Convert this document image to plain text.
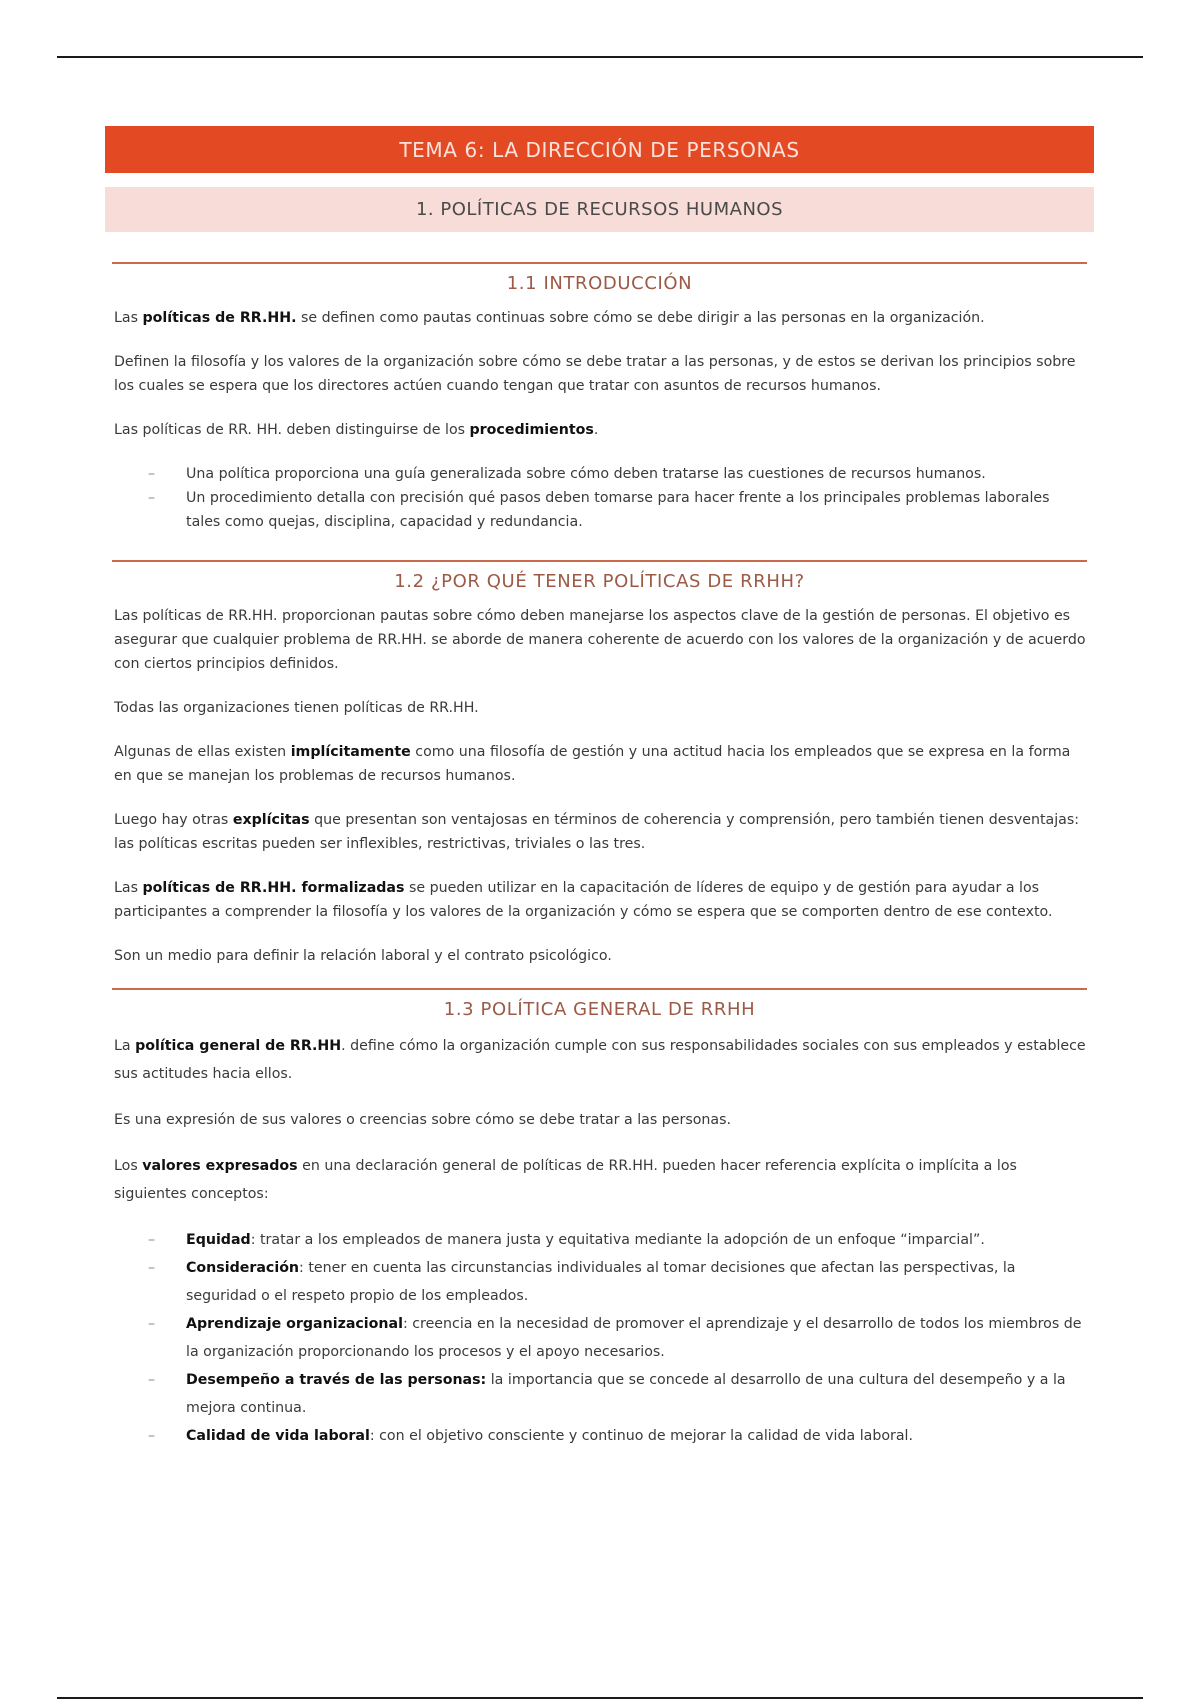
TEMA 6: LA DIRECCIÓN DE PERSONAS
1. POLÍTICAS DE RECURSOS HUMANOS
1.1 INTRODUCCIÓN

Las políticas de RR.HH. se definen como pautas continuas sobre cómo se debe dirigir a las personas en la organización.

Definen la filosofía y los valores de la organización sobre cómo se debe tratar a las personas, y de estos se derivan los principios sobre los cuales se espera que los directores actúen cuando tengan que tratar con asuntos de recursos humanos.

Las políticas de RR. HH. deben distinguirse de los procedimientos.

– Una política proporciona una guía generalizada sobre cómo deben tratarse las cuestiones de recursos humanos.
– Un procedimiento detalla con precisión qué pasos deben tomarse para hacer frente a los principales problemas laborales tales como quejas, disciplina, capacidad y redundancia.
1.2 ¿POR QUÉ TENER POLÍTICAS DE RRHH?

Las políticas de RR.HH. proporcionan pautas sobre cómo deben manejarse los aspectos clave de la gestión de personas. El objetivo es asegurar que cualquier problema de RR.HH. se aborde de manera coherente de acuerdo con los valores de la organización y de acuerdo con ciertos principios definidos.

Todas las organizaciones tienen políticas de RR.HH.

Algunas de ellas existen implícitamente como una filosofía de gestión y una actitud hacia los empleados que se expresa en la forma en que se manejan los problemas de recursos humanos.

Luego hay otras explícitas que presentan son ventajosas en términos de coherencia y comprensión, pero también tienen desventajas: las políticas escritas pueden ser inflexibles, restrictivas, triviales o las tres.

Las políticas de RR.HH. formalizadas se pueden utilizar en la capacitación de líderes de equipo y de gestión para ayudar a los participantes a comprender la filosofía y los valores de la organización y cómo se espera que se comporten dentro de ese contexto.

Son un medio para definir la relación laboral y el contrato psicológico.

1.3 POLÍTICA GENERAL DE RRHH

La política general de RR.HH. define cómo la organización cumple con sus responsabilidades sociales con sus empleados y establece sus actitudes hacia ellos.

Es una expresión de sus valores o creencias sobre cómo se debe tratar a las personas.

Los valores expresados en una declaración general de políticas de RR.HH. pueden hacer referencia explícita o implícita a los siguientes conceptos:

– Equidad: tratar a los empleados de manera justa y equitativa mediante la adopción de un enfoque “imparcial”.
– Consideración: tener en cuenta las circunstancias individuales al tomar decisiones que afectan las perspectivas, la seguridad o el respeto propio de los empleados.
– Aprendizaje organizacional: creencia en la necesidad de promover el aprendizaje y el desarrollo de todos los miembros de la organización proporcionando los procesos y el apoyo necesarios.
– Desempeño a través de las personas: la importancia que se concede al desarrollo de una cultura del desempeño y a la mejora continua.
– Calidad de vida laboral: con el objetivo consciente y continuo de mejorar la calidad de vida laboral.
